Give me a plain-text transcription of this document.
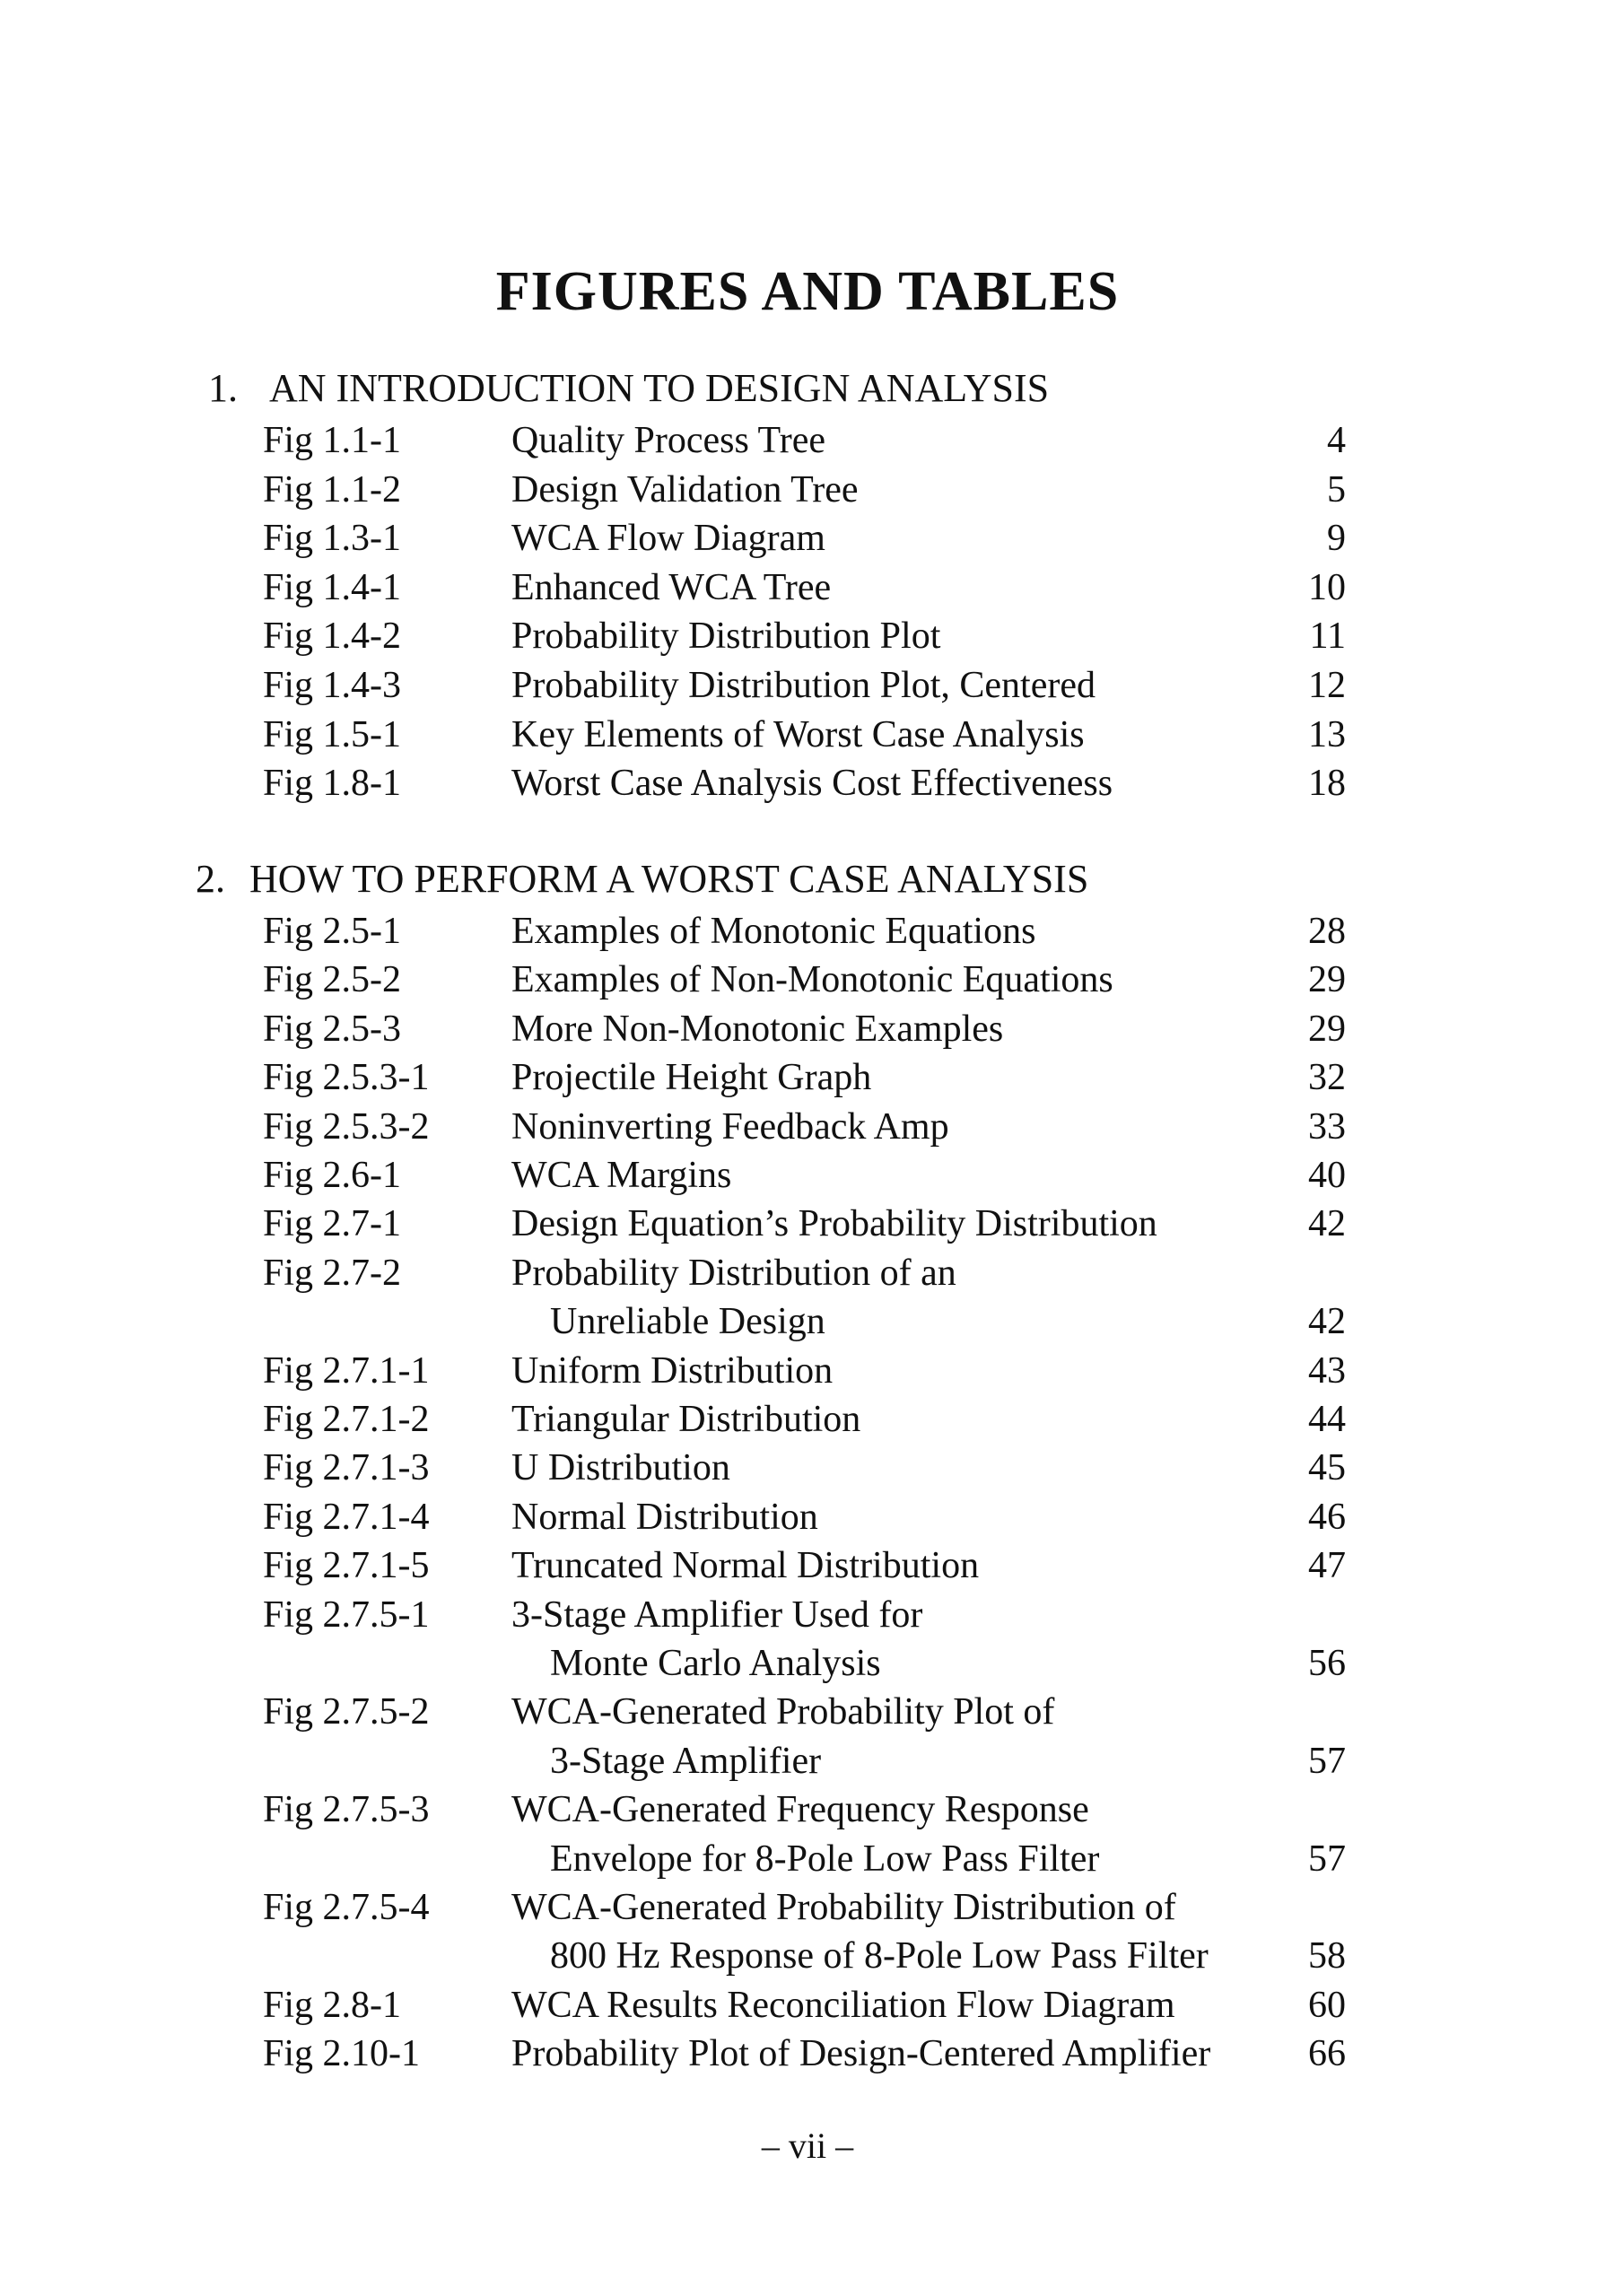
FIGURES AND TABLES
1. AN INTRODUCTION TO DESIGN ANALYSIS
Fig 1.1-1	Quality Process Tree	4
Fig 1.1-2	Design Validation Tree	5
Fig 1.3-1	WCA Flow Diagram	9
Fig 1.4-1	Enhanced WCA Tree	10
Fig 1.4-2	Probability Distribution Plot	11
Fig 1.4-3	Probability Distribution Plot, Centered	12
Fig 1.5-1	Key Elements of Worst Case Analysis	13
Fig 1.8-1	Worst Case Analysis Cost Effectiveness	18
2. HOW TO PERFORM A WORST CASE ANALYSIS
Fig 2.5-1	Examples of Monotonic Equations	28
Fig 2.5-2	Examples of Non-Monotonic Equations	29
Fig 2.5-3	More Non-Monotonic Examples	29
Fig 2.5.3-1 Projectile Height Graph	32
Fig 2.5.3-2 Noninverting Feedback Amp	33
Fig 2.6-1	WCA Margins	40
Fig 2.7-1	Design Equation’s Probability Distribution	42
Fig 2.7-2	Probability Distribution of an
Unreliable Design	42
Fig 2.7.1-1 Uniform Distribution	43
Fig 2.7.1-2 Triangular Distribution	44
Fig 2.7.1-3 U Distribution	45
Fig 2.7.1-4 Normal Distribution	46
Fig 2.7.1-5 Truncated Normal Distribution	47
Fig 2.7.5-1 3-Stage Amplifier Used for
Monte Carlo Analysis	56
Fig 2.7.5-2 WCA-Generated Probability Plot of
3-Stage Amplifier	57
Fig 2.7.5-3 WCA-Generated Frequency Response
Envelope for 8-Pole Low Pass Filter	57
Fig 2.7.5-4 WCA-Generated Probability Distribution of
800 Hz Response of 8-Pole Low Pass Filter	58
Fig 2.8-1	WCA Results Reconciliation Flow Diagram	60
Fig 2.10-1 Probability Plot of Design-Centered Amplifier	66
– vii –
